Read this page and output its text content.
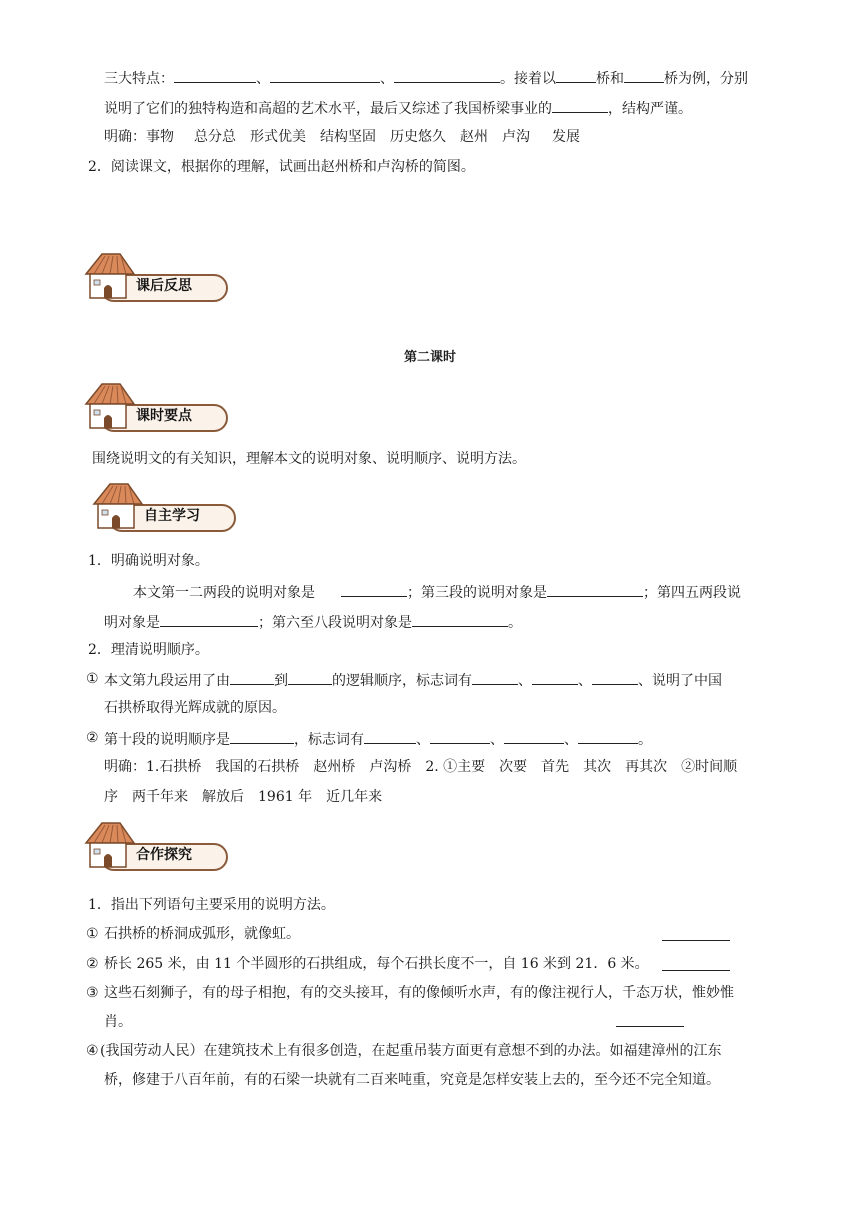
三大特点：	、	、	。接着以	桥和	桥为例，分别
说明了它们的独特构造和高超的艺术水平，最后又综述了我国桥梁事业的	，结构严谨。
明确：事物 总分总 形式优美 结构坚固 历史悠久 赵州 卢沟 发展
2．阅读课文，根据你的理解，试画出赵州桥和卢沟桥的简图。
课后反思
第二课时
课时要点
围绕说明文的有关知识，理解本文的说明对象、说明顺序、说明方法。
自主学习
1．明确说明对象。
本文第一二两段的说明对象是	；第三段的说明对象是	；第四五两段说
明对象是	；第六至八段说明对象是	。
2．理清说明顺序。
① 本文第九段运用了由	到	的逻辑顺序，标志词有	、	、	、说明了中国
石拱桥取得光辉成就的原因。
② 第十段的说明顺序是	，标志词有	、	、	、	。
明确：1.石拱桥　我国的石拱桥　赵州桥　卢沟桥　2. ①主要　次要　首先　其次　再其次　②时间顺
序　两千年来　解放后　1961 年　近几年来
合作探究
1．指出下列语句主要采用的说明方法。
① 石拱桥的桥洞成弧形，就像虹。
② 桥长 265 米，由 11 个半圆形的石拱组成，每个石拱长度不一，自 16 米到 21．6 米。
③ 这些石刻狮子，有的母子相抱，有的交头接耳，有的像倾听水声，有的像注视行人，千态万状，惟妙惟
肖。
④ (我国劳动人民）在建筑技术上有很多创造，在起重吊装方面更有意想不到的办法。如福建漳州的江东
桥，修建于八百年前，有的石梁一块就有二百来吨重，究竟是怎样安装上去的，至今还不完全知道。
